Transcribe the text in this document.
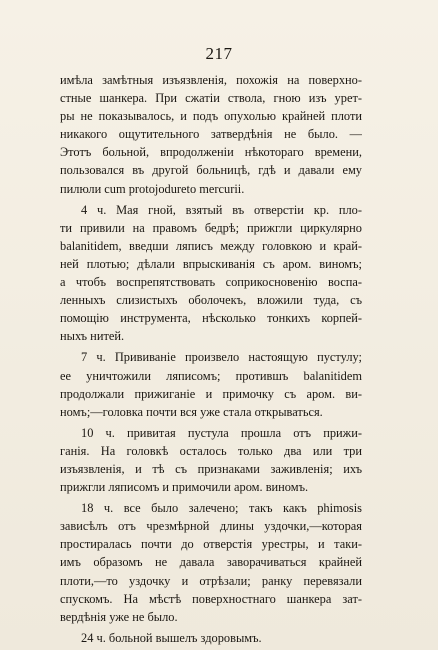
217
имѣла замѣтныя изъязвленія, похожія на поверхно-
стные шанкера. При сжатіи ствола, гною изъ урет-
ры не показывалось, и подъ опухолью крайней плоти
никакого ощутительного затвердѣнія не было. —
Этотъ больной, впродолженіи нѣкотораго времени,
пользовался въ другой больницѣ, гдѣ и давали ему
пилюли cum protojodureto mercurii.
4 ч. Мая гной, взятый въ отверстіи кр. пло-
ти привили на правомъ бедрѣ; прижгли циркулярно
balanitidem, введши ляписъ между головкою и край-
ней плотью; дѣлали впрыскиванія съ аром. виномъ;
а чтобъ воспрепятствовать соприкосновенію воспа-
ленныхъ слизистыхъ оболочекъ, вложили туда, съ
помощію инструмента, нѣсколько тонкихъ корпей-
ныхъ нитей.
7 ч. Прививаніе произвело настоящую пустулу;
ее уничтожили ляписомъ; протившъ balanitidem
продолжали прижиганіе и примочку съ аром. ви-
номъ;—головка почти вся уже стала открываться.
10 ч. привитая пустула прошла отъ прижи-
ганія. На головкѣ осталось только два или три
изъязвленія, и тѣ съ признаками заживленія; ихъ
прижгли ляписомъ и примочили аром. виномъ.
18 ч. все было залечено; такъ какъ phimosis
зависѣлъ отъ чрезмѣрной длины уздочки,—которая
простиралась почти до отверстія урестры, и таки-
имъ образомъ не давала заворачиваться крайней
плоти,—то уздочку и отрѣзали; ранку перевязали
спускомъ. На мѣстѣ поверхностнаго шанкера зат-
вердѣнія уже не было.
24 ч. больной вышелъ здоровымъ.
